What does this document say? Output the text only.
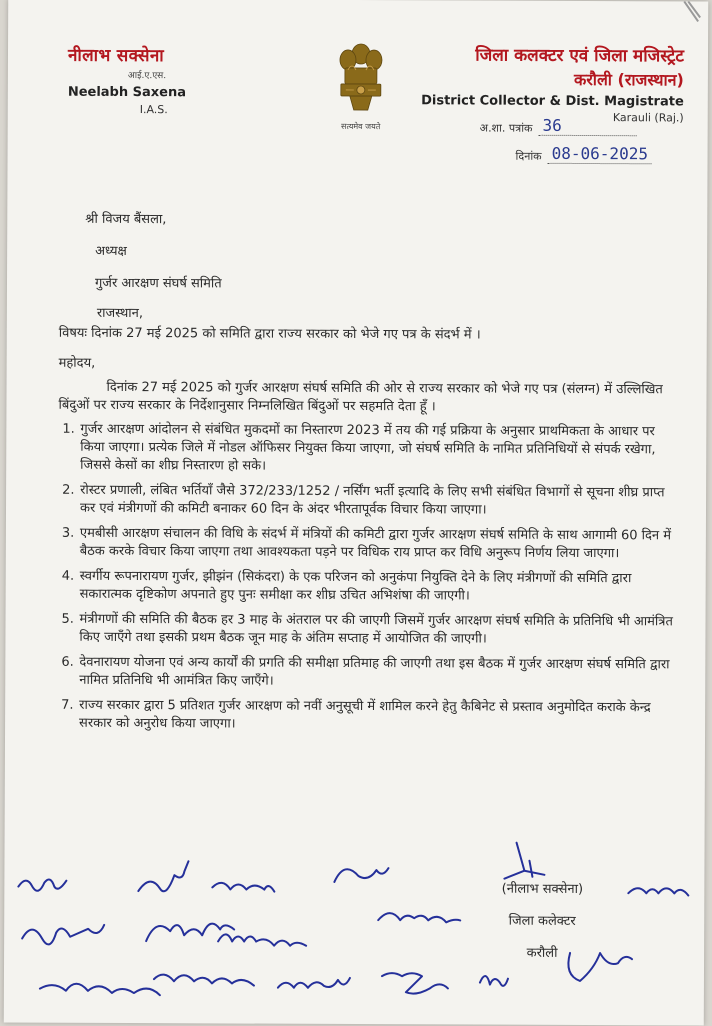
नीलाभ सक्सेना
आई.ए.एस.
Neelabh Saxena
I.A.S.
सत्यमेव जयते
जिला कलक्टर एवं जिला मजिस्ट्रेट
करौली (राजस्थान)
District Collector & Dist. Magistrate
Karauli (Raj.)
अ.शा. पत्रांक 36
दिनांक 08-06-2025

श्री विजय बैंसला,

अध्यक्ष

गुर्जर आरक्षण संघर्ष समिति

राजस्थान,

विषयः दिनांक 27 मई 2025 को समिति द्वारा राज्य सरकार को भेजे गए पत्र के संदर्भ में ।

महोदय,

दिनांक 27 मई 2025 को गुर्जर आरक्षण संघर्ष समिति की ओर से राज्य सरकार को भेजे गए पत्र (संलग्न) में उल्लिखित बिंदुओं पर राज्य सरकार के निर्देशानुसार निम्नलिखित बिंदुओं पर सहमति देता हूँ ।

1. गुर्जर आरक्षण आंदोलन से संबंधित मुकदमों का निस्तारण 2023 में तय की गई प्रक्रिया के अनुसार प्राथमिकता के आधार पर किया जाएगा। प्रत्येक जिले में नोडल ऑफिसर नियुक्त किया जाएगा, जो संघर्ष समिति के नामित प्रतिनिधियों से संपर्क रखेगा, जिससे केसों का शीघ्र निस्तारण हो सके।
2. रोस्टर प्रणाली, लंबित भर्तियाँ जैसे 372/233/1252 / नर्सिंग भर्ती इत्यादि के लिए सभी संबंधित विभागों से सूचना शीघ्र प्राप्त कर एवं मंत्रीगणों की कमिटी बनाकर 60 दिन के अंदर भीरतापूर्वक विचार किया जाएगा।
3. एमबीसी आरक्षण संचालन की विधि के संदर्भ में मंत्रियों की कमिटी द्वारा गुर्जर आरक्षण संघर्ष समिति के साथ आगामी 60 दिन में बैठक करके विचार किया जाएगा तथा आवश्यकता पड़ने पर विधिक राय प्राप्त कर विधि अनुरूप निर्णय लिया जाएगा।
4. स्वर्गीय रूपनारायण गुर्जर, झीझंन (सिकंदरा) के एक परिजन को अनुकंपा नियुक्ति देने के लिए मंत्रीगणों की समिति द्वारा सकारात्मक दृष्टिकोण अपनाते हुए पुनः समीक्षा कर शीघ्र उचित अभिशंषा की जाएगी।
5. मंत्रीगणों की समिति की बैठक हर 3 माह के अंतराल पर की जाएगी जिसमें गुर्जर आरक्षण संघर्ष समिति के प्रतिनिधि भी आमंत्रित किए जाएँगे तथा इसकी प्रथम बैठक जून माह के अंतिम सप्ताह में आयोजित की जाएगी।
6. देवनारायण योजना एवं अन्य कार्यों की प्रगति की समीक्षा प्रतिमाह की जाएगी तथा इस बैठक में गुर्जर आरक्षण संघर्ष समिति द्वारा नामित प्रतिनिधि भी आमंत्रित किए जाएँगे।
7. राज्य सरकार द्वारा 5 प्रतिशत गुर्जर आरक्षण को नवीं अनुसूची में शामिल करने हेतु कैबिनेट से प्रस्ताव अनुमोदित कराके केन्द्र सरकार को अनुरोध किया जाएगा।
(नीलाभ सक्सेना)
जिला कलेक्टर
करौली
